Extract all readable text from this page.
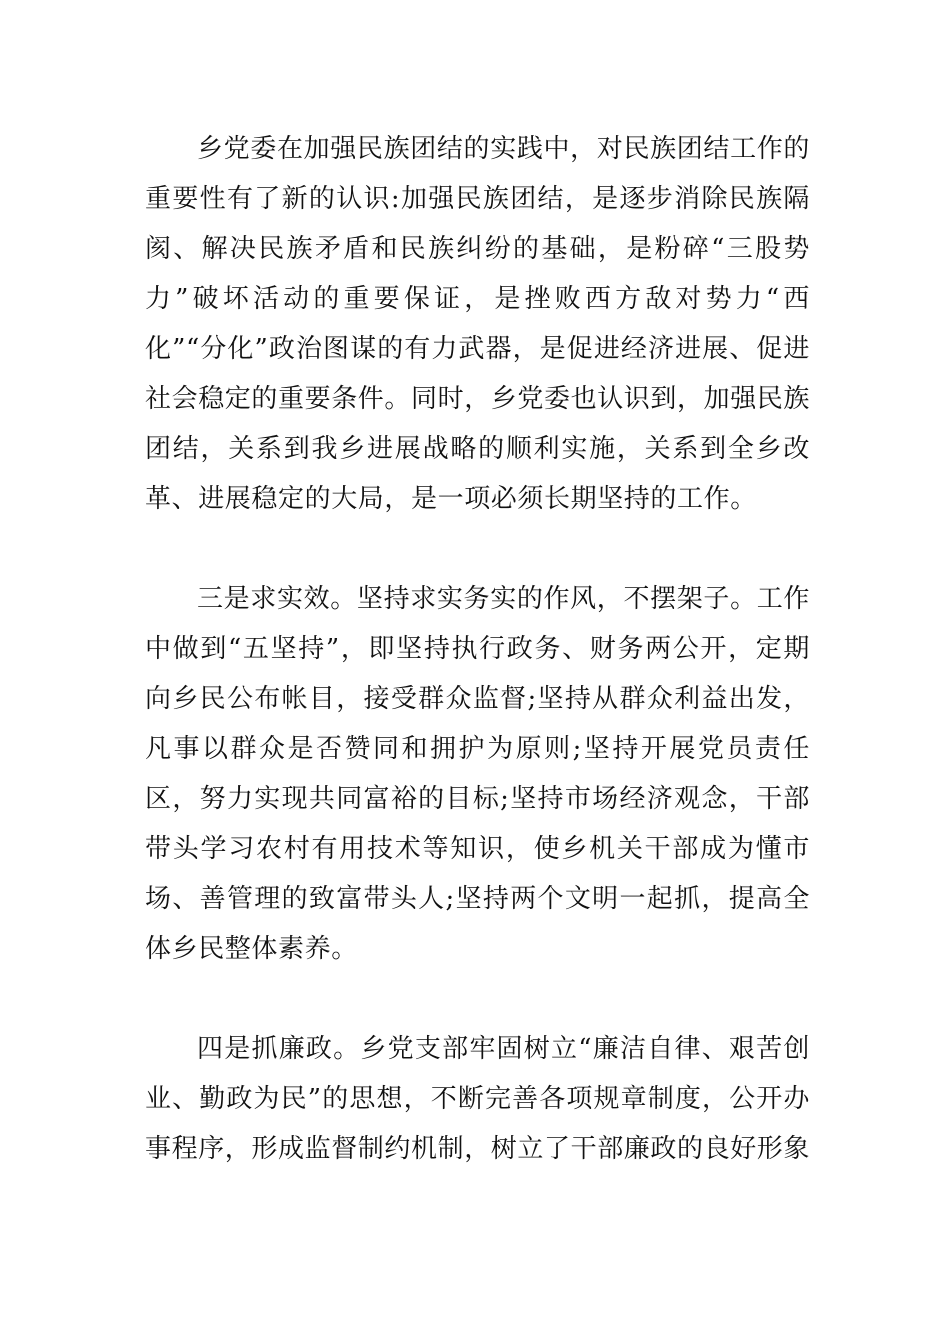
乡党委在加强民族团结的实践中，对民族团结工作的重要性有了新的认识:加强民族团结，是逐步消除民族隔阂、解决民族矛盾和民族纠纷的基础，是粉碎“三股势力”破坏活动的重要保证，是挫败西方敌对势力“西化”“分化”政治图谋的有力武器，是促进经济进展、促进社会稳定的重要条件。同时，乡党委也认识到，加强民族团结，关系到我乡进展战略的顺利实施，关系到全乡改革、进展稳定的大局，是一项必须长期坚持的工作。

三是求实效。坚持求实务实的作风，不摆架子。工作中做到“五坚持”，即坚持执行政务、财务两公开，定期向乡民公布帐目，接受群众监督;坚持从群众利益出发，凡事以群众是否赞同和拥护为原则;坚持开展党员责任区，努力实现共同富裕的目标;坚持市场经济观念，干部带头学习农村有用技术等知识，使乡机关干部成为懂市场、善管理的致富带头人;坚持两个文明一起抓，提高全体乡民整体素养。

四是抓廉政。乡党支部牢固树立“廉洁自律、艰苦创业、勤政为民”的思想，不断完善各项规章制度，公开办事程序，形成监督制约机制，树立了干部廉政的良好形象
